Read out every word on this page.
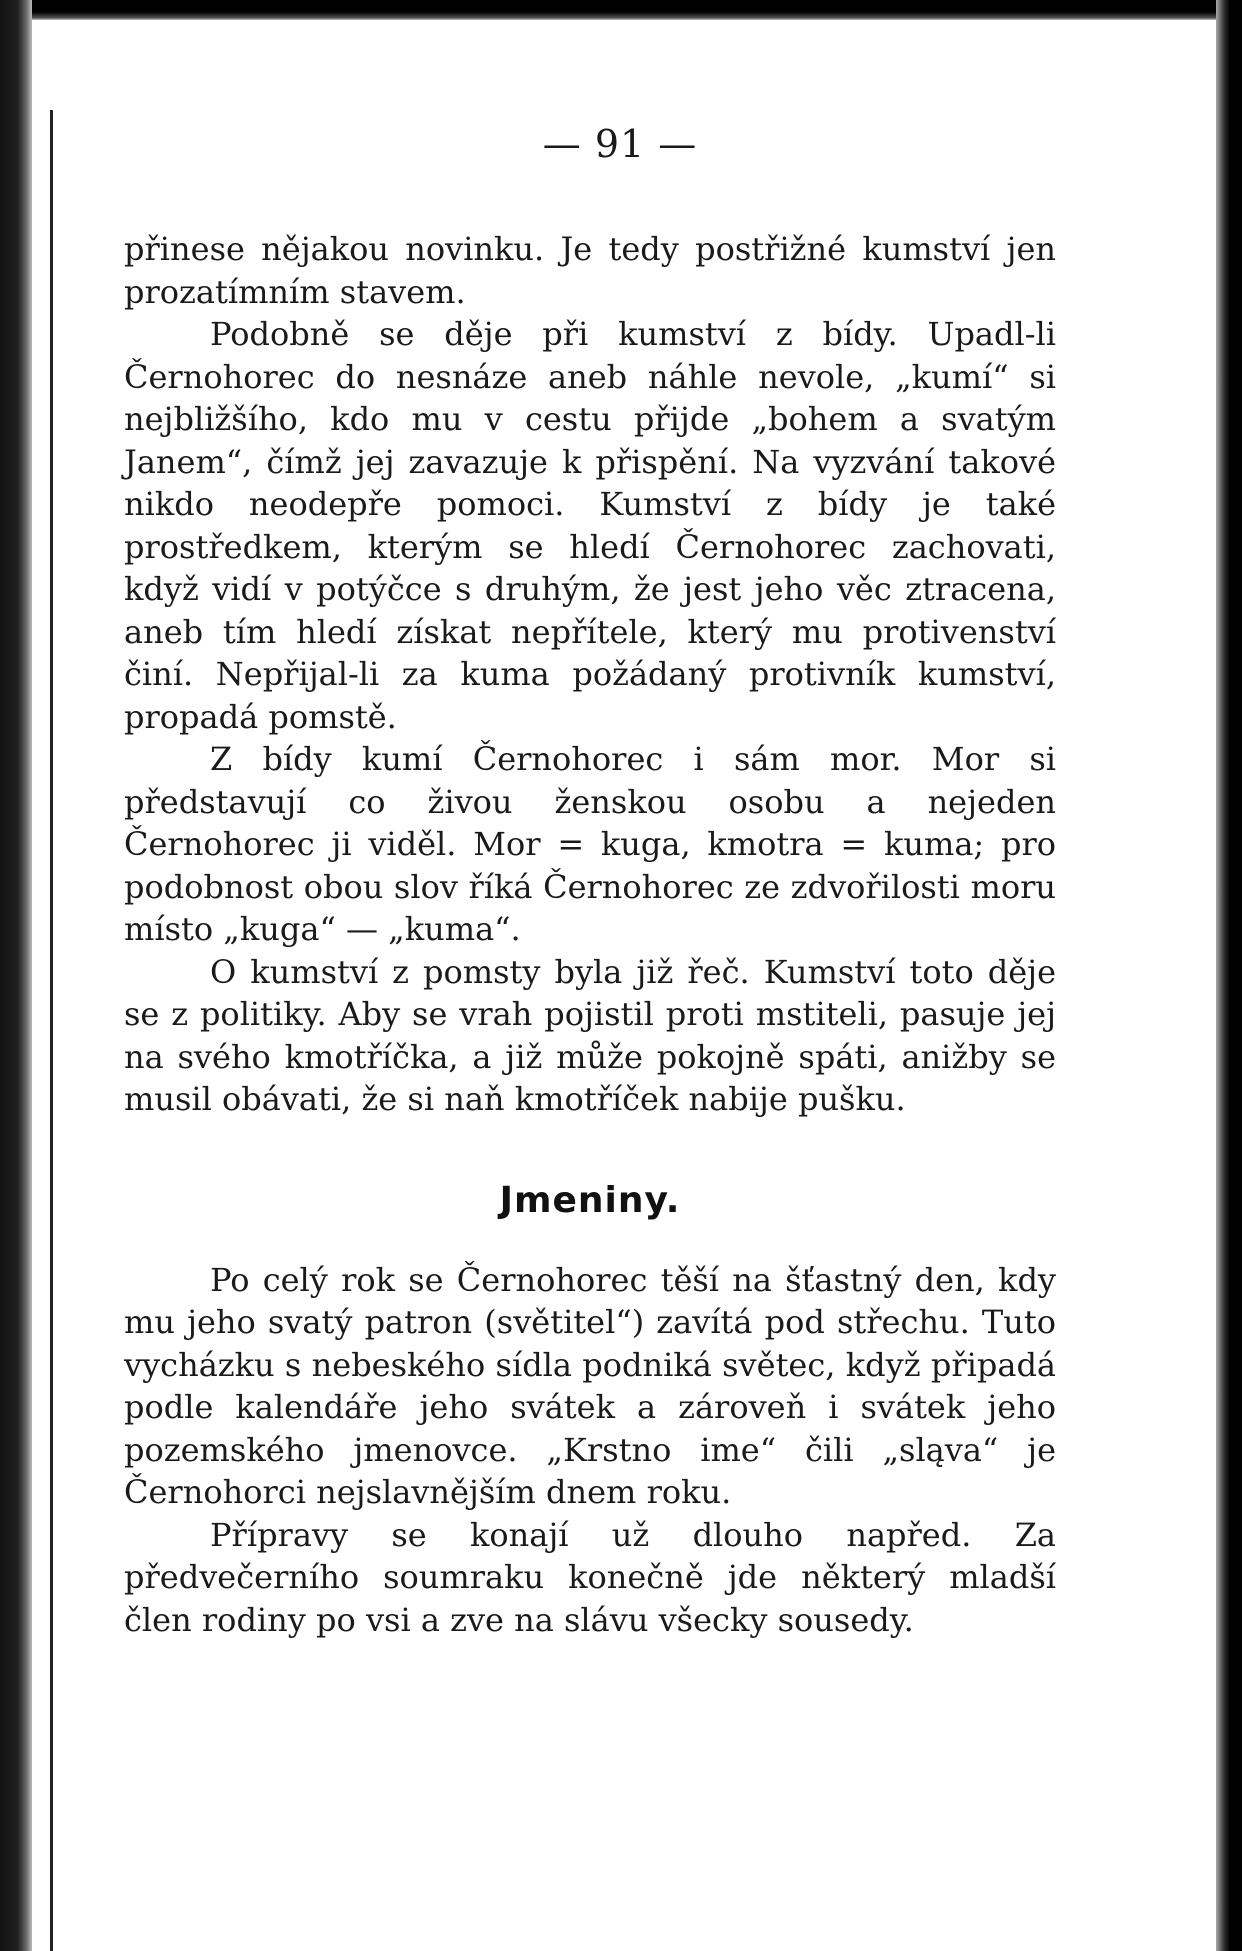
— 91 —

přinese nějakou novinku. Je tedy postřižné kumství jen prozatímním stavem.

Podobně se děje při kumství z bídy. Upadl-li Černohorec do nesnáze aneb náhle nevole, „kumí“ si nejbližšího, kdo mu v cestu přijde „bohem a svatým Janem“, čímž jej zavazuje k přispění. Na vyzvání takové nikdo neodepře pomoci. Kumství z bídy je také prostředkem, kterým se hledí Černohorec zachovati, když vidí v potýčce s druhým, že jest jeho věc ztracena, aneb tím hledí získat nepřítele, který mu protivenství činí. Nepřijal-li za kuma požádaný protivník kumství, propadá pomstě.

Z bídy kumí Černohorec i sám mor. Mor si představují co živou ženskou osobu a nejeden Černohorec ji viděl. Mor = kuga, kmotra = kuma; pro podobnost obou slov říká Černohorec ze zdvořilosti moru místo „kuga“ — „kuma“.

O kumství z pomsty byla již řeč. Kumství toto děje se z politiky. Aby se vrah pojistil proti mstiteli, pasuje jej na svého kmotříčka, a již může pokojně spáti, anižby se musil obávati, že si naň kmotříček nabije pušku.

Jmeniny.

Po celý rok se Černohorec těší na šťastný den, kdy mu jeho svatý patron (světitel“) zavítá pod střechu. Tuto vycházku s nebeského sídla podniká světec, když připadá podle kalendáře jeho svátek a zároveň i svátek jeho pozemského jmenovce. „Krstno ime“ čili „sląva“ je Černohorci nejslavnějším dnem roku.

Přípravy se konají už dlouho napřed. Za předvečerního soumraku konečně jde některý mladší člen rodiny po vsi a zve na slávu všecky sousedy.
